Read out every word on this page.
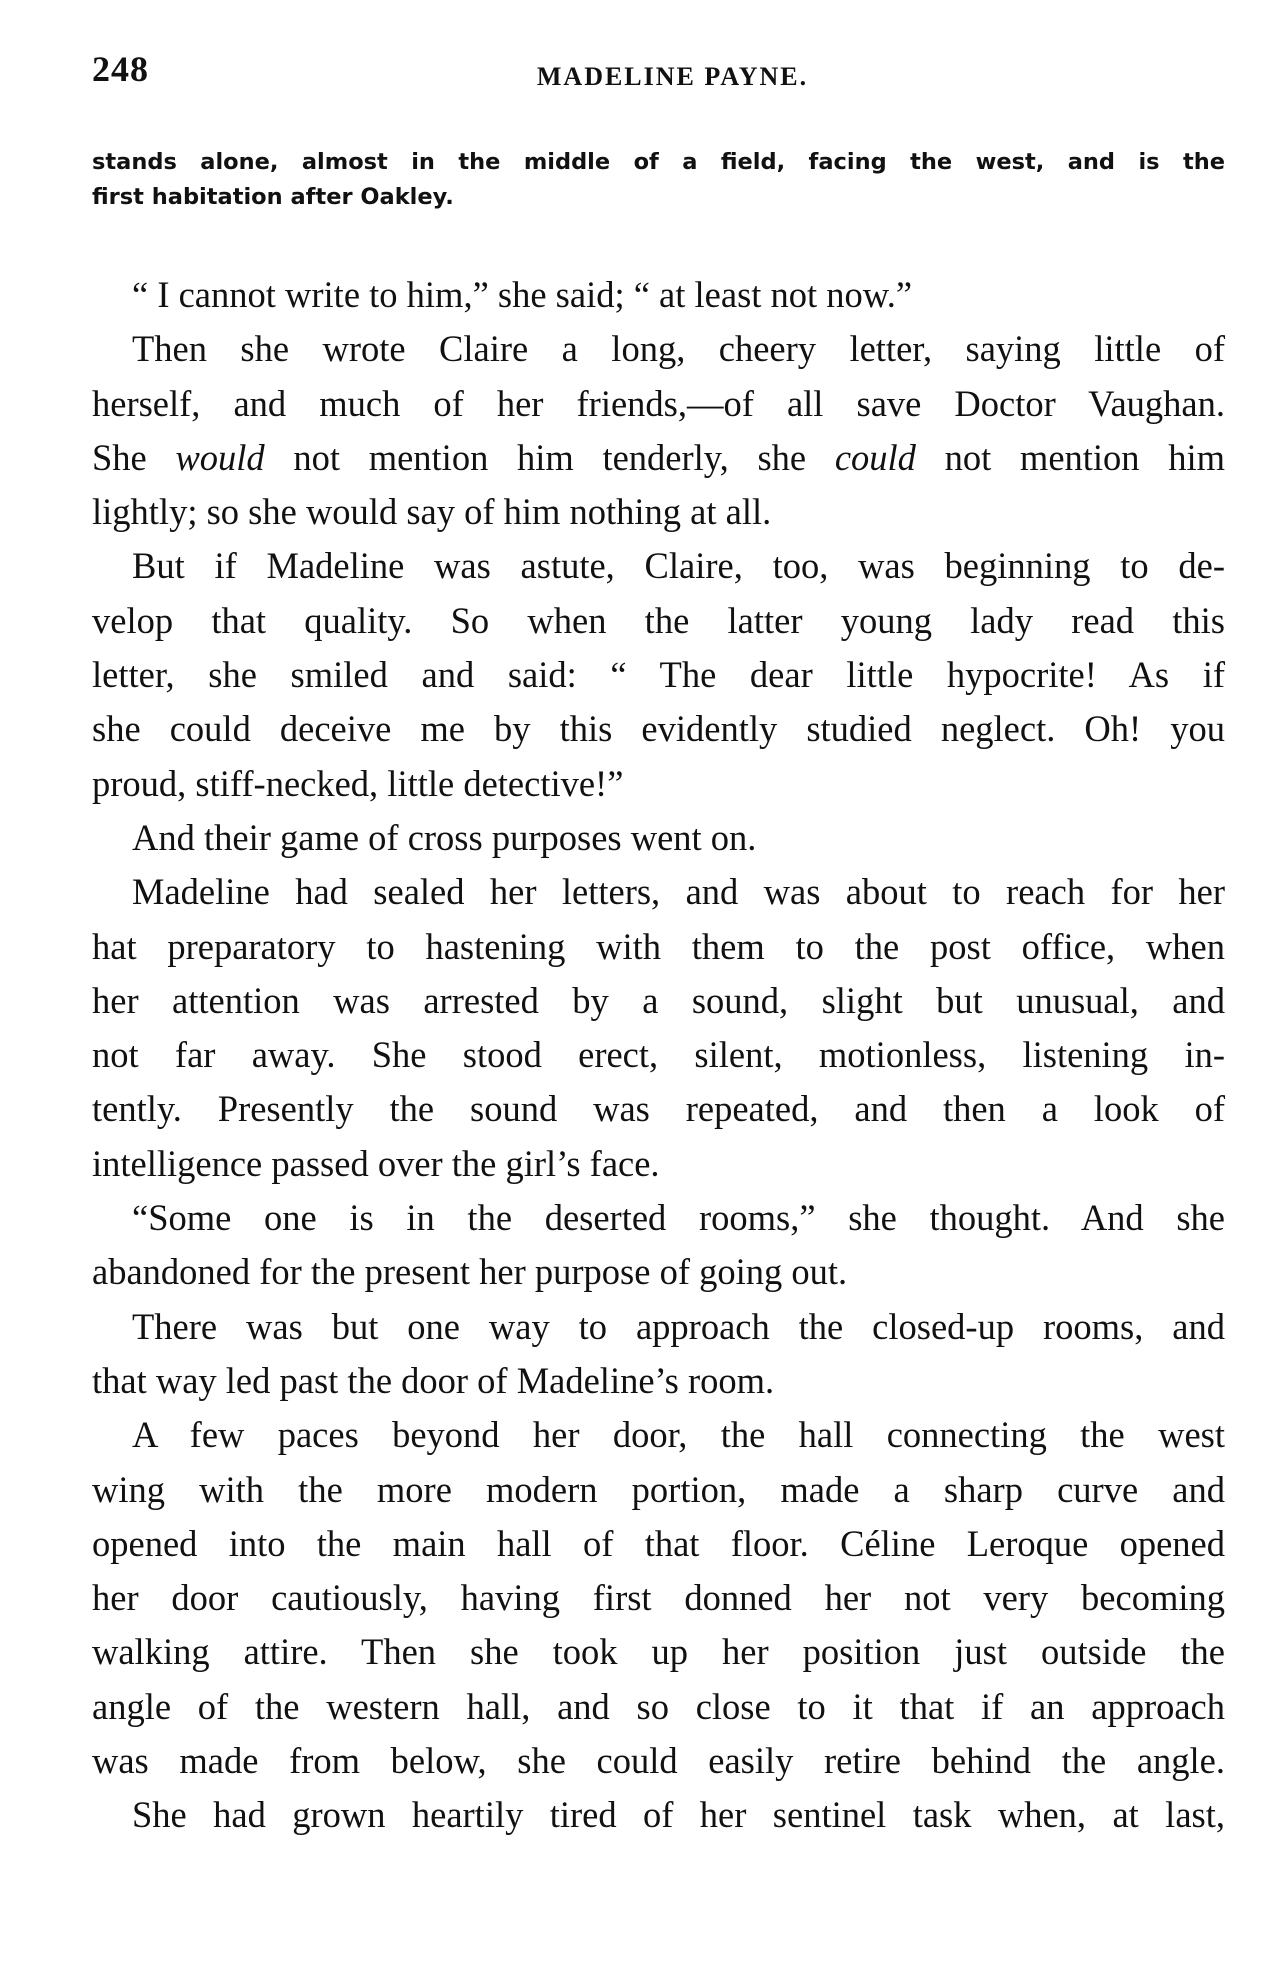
248	MADELINE PAYNE.
stands alone, almost in the middle of a field, facing the west, and is the
first habitation after Oakley.
“ I cannot write to him,” she said; “ at least not now.”
Then she wrote Claire a long, cheery letter, saying little of
herself, and much of her friends,—of all save Doctor Vaughan.
She would not mention him tenderly, she could not mention him
lightly; so she would say of him nothing at all.
But if Madeline was astute, Claire, too, was beginning to de-
velop that quality. So when the latter young lady read this
letter, she smiled and said: “ The dear little hypocrite! As if
she could deceive me by this evidently studied neglect. Oh! you
proud, stiff-necked, little detective!”
And their game of cross purposes went on.
Madeline had sealed her letters, and was about to reach for her
hat preparatory to hastening with them to the post office, when
her attention was arrested by a sound, slight but unusual, and
not far away. She stood erect, silent, motionless, listening in-
tently. Presently the sound was repeated, and then a look of
intelligence passed over the girl’s face.
“Some one is in the deserted rooms,” she thought. And she
abandoned for the present her purpose of going out.
There was but one way to approach the closed-up rooms, and
that way led past the door of Madeline’s room.
A few paces beyond her door, the hall connecting the west
wing with the more modern portion, made a sharp curve and
opened into the main hall of that floor. Céline Leroque opened
her door cautiously, having first donned her not very becoming
walking attire. Then she took up her position just outside the
angle of the western hall, and so close to it that if an approach
was made from below, she could easily retire behind the angle.
She had grown heartily tired of her sentinel task when, at last,
